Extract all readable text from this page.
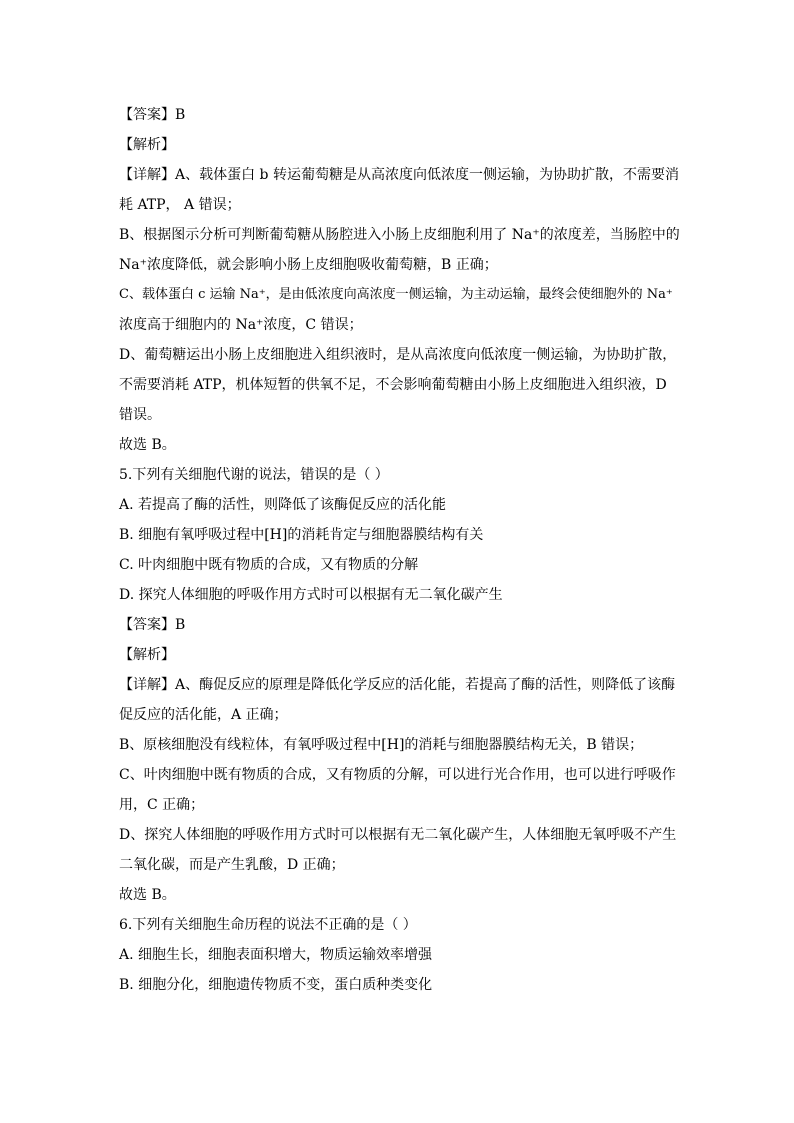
【答案】B
【解析】
【详解】A、载体蛋白 b 转运葡萄糖是从高浓度向低浓度一侧运输，为协助扩散，不需要消
耗 ATP， A 错误；
B、根据图示分析可判断葡萄糖从肠腔进入小肠上皮细胞利用了 Na⁺的浓度差，当肠腔中的
Na⁺浓度降低，就会影响小肠上皮细胞吸收葡萄糖，B 正确；
C、载体蛋白 c 运输 Na⁺，是由低浓度向高浓度一侧运输，为主动运输，最终会使细胞外的 Na⁺
浓度高于细胞内的 Na⁺浓度，C 错误；
D、葡萄糖运出小肠上皮细胞进入组织液时，是从高浓度向低浓度一侧运输，为协助扩散，
不需要消耗 ATP，机体短暂的供氧不足，不会影响葡萄糖由小肠上皮细胞进入组织液，D
错误。
故选 B。
5.下列有关细胞代谢的说法，错误的是（ ）
A. 若提高了酶的活性，则降低了该酶促反应的活化能
B. 细胞有氧呼吸过程中[H]的消耗肯定与细胞器膜结构有关
C. 叶肉细胞中既有物质的合成，又有物质的分解
D. 探究人体细胞的呼吸作用方式时可以根据有无二氧化碳产生
【答案】B
【解析】
【详解】A、酶促反应的原理是降低化学反应的活化能，若提高了酶的活性，则降低了该酶
促反应的活化能，A 正确；
B、原核细胞没有线粒体，有氧呼吸过程中[H]的消耗与细胞器膜结构无关，B 错误；
C、叶肉细胞中既有物质的合成，又有物质的分解，可以进行光合作用，也可以进行呼吸作
用，C 正确；
D、探究人体细胞的呼吸作用方式时可以根据有无二氧化碳产生，人体细胞无氧呼吸不产生
二氧化碳，而是产生乳酸，D 正确；
故选 B。
6.下列有关细胞生命历程的说法不正确的是（ ）
A. 细胞生长，细胞表面积增大，物质运输效率增强
B. 细胞分化，细胞遗传物质不变，蛋白质种类变化
